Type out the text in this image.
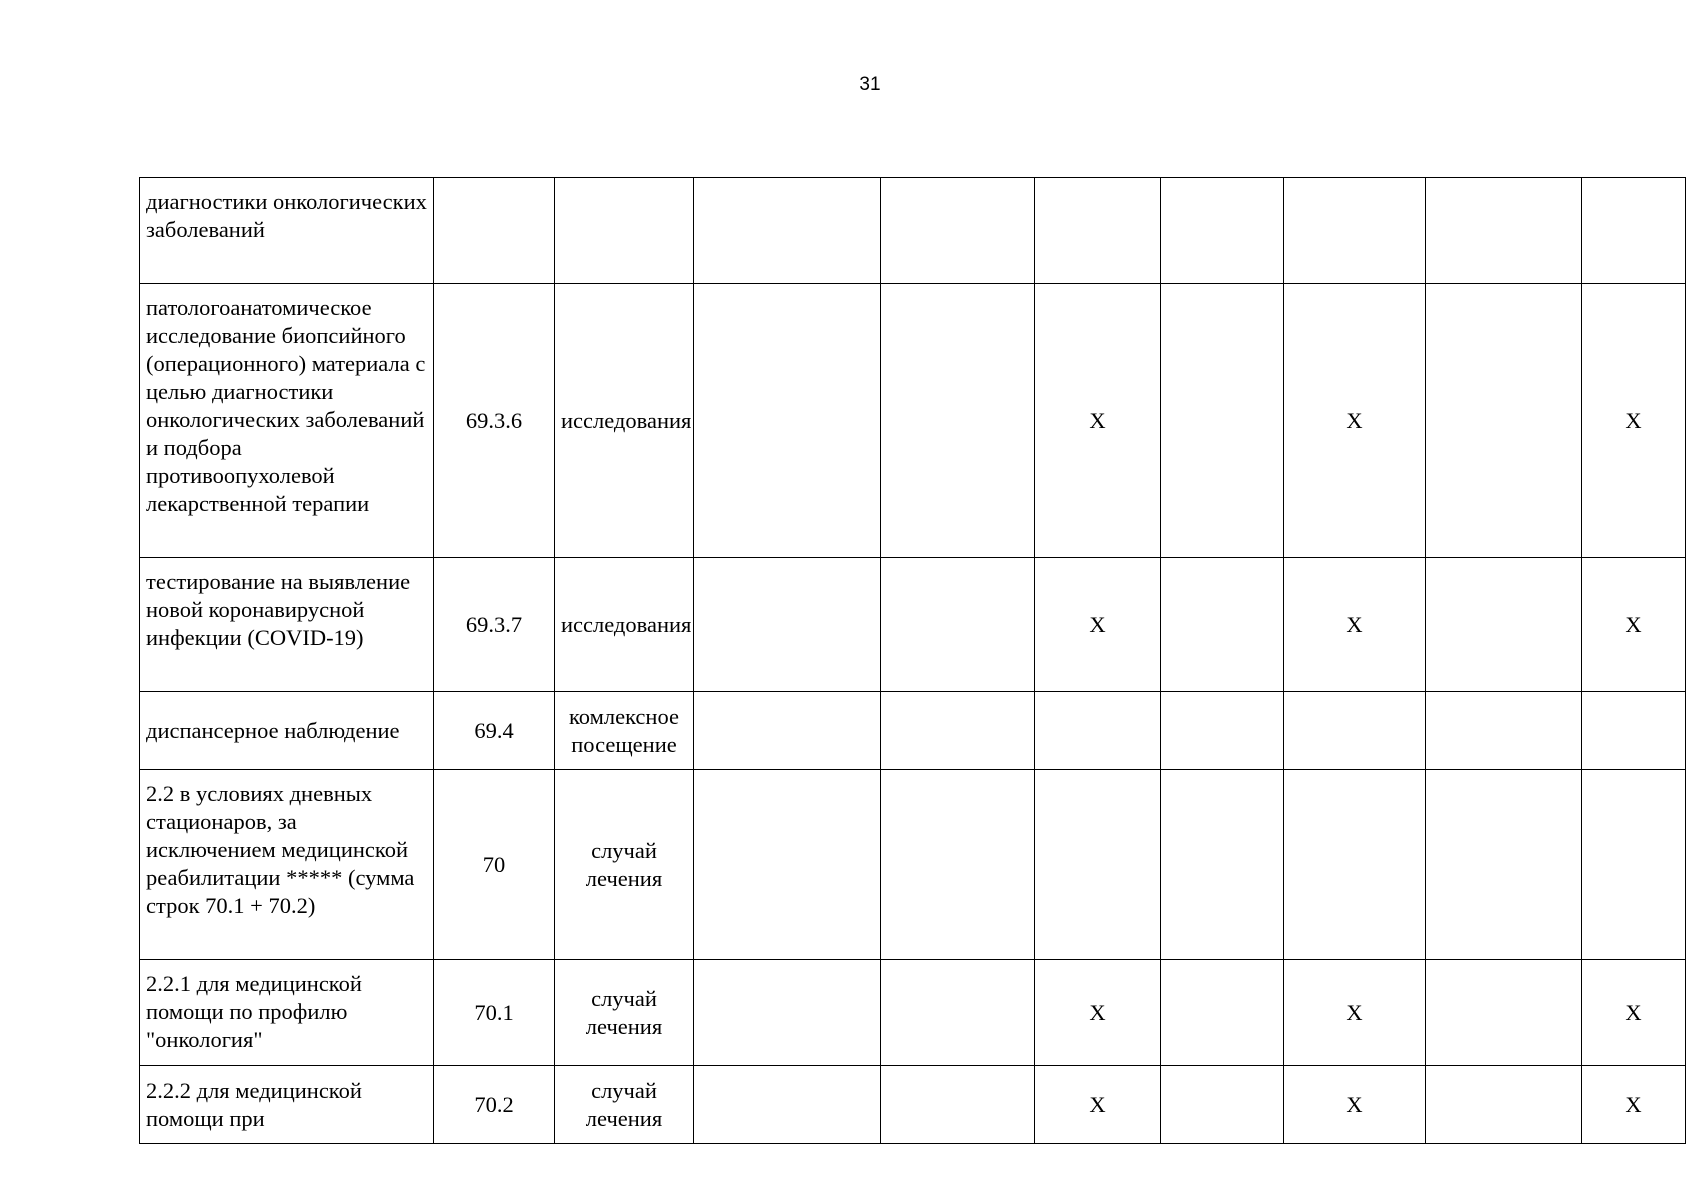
31
диагностики онкологических заболеваний									
патологоанатомическое исследование биопсийного (операционного) материала с целью диагностики онкологических заболеваний и подбора противоопухолевой лекарственной терапии	69.3.6	исследования			Х		Х		Х
тестирование на выявление новой коронавирусной инфекции (COVID-19)	69.3.7	исследования			Х		Х		Х
диспансерное наблюдение	69.4	комлексное посещение							
2.2 в условиях дневных стационаров, за исключением медицинской реабилитации ***** (сумма строк 70.1 + 70.2)	70	случай лечения							
2.2.1 для медицинской помощи по профилю "онкология"	70.1	случай лечения			Х		Х		Х
2.2.2 для медицинской помощи при	70.2	случай лечения			Х		Х		Х
